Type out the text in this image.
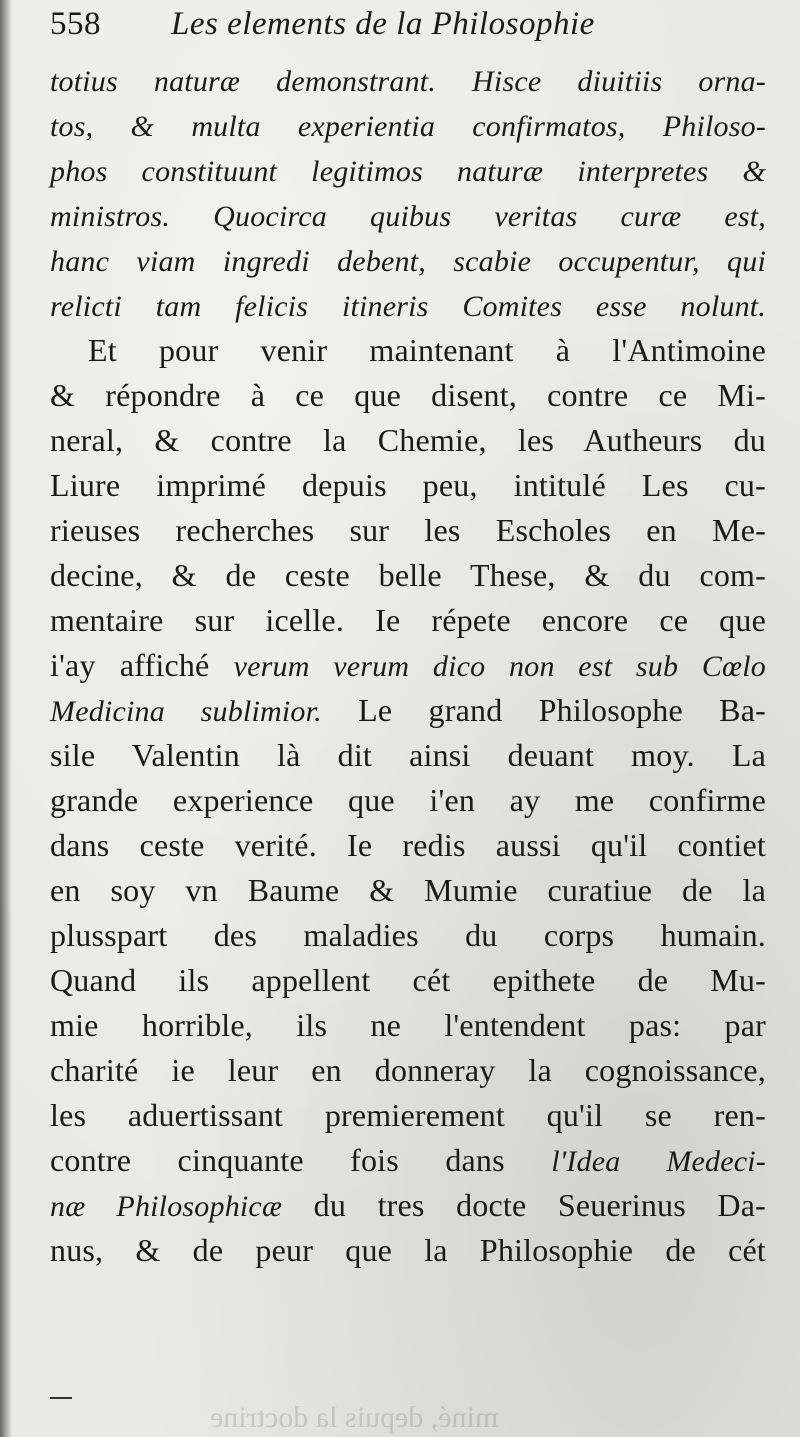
558 Les elements de la Philosophie
totius naturæ demonstrant. Hisce diuitiis orna-
tos, & multa experientia confirmatos, Philoso-
phos constituunt legitimos naturæ interpretes &
ministros. Quocirca quibus veritas curæ est,
hanc viam ingredi debent, scabie occupentur, qui
relicti tam felicis itineris Comites esse nolunt.
Et pour venir maintenant à l'Antimoine
& répondre à ce que disent, contre ce Mi-
neral, & contre la Chemie, les Autheurs du
Liure imprimé depuis peu, intitulé Les cu-
rieuses recherches sur les Escholes en Me-
decine, & de ceste belle These, & du com-
mentaire sur icelle. Ie répete encore ce que
i'ay affiché verum verum dico non est sub Cœlo
Medicina sublimior. Le grand Philosophe Ba-
sile Valentin là dit ainsi deuant moy. La
grande experience que i'en ay me confirme
dans ceste verité. Ie redis aussi qu'il contiet
en soy vn Baume & Mumie curatiue de la
plusspart des maladies du corps humain.
Quand ils appellent cét epithete de Mu-
mie horrible, ils ne l'entendent pas: par
charité ie leur en donneray la cognoissance,
les aduertissant premierement qu'il se ren-
contre cinquante fois dans l'Idea Medeci-
næ Philosophicæ du tres docte Seuerinus Da-
nus, & de peur que la Philosophie de cét
miné, depuis la doctrine
